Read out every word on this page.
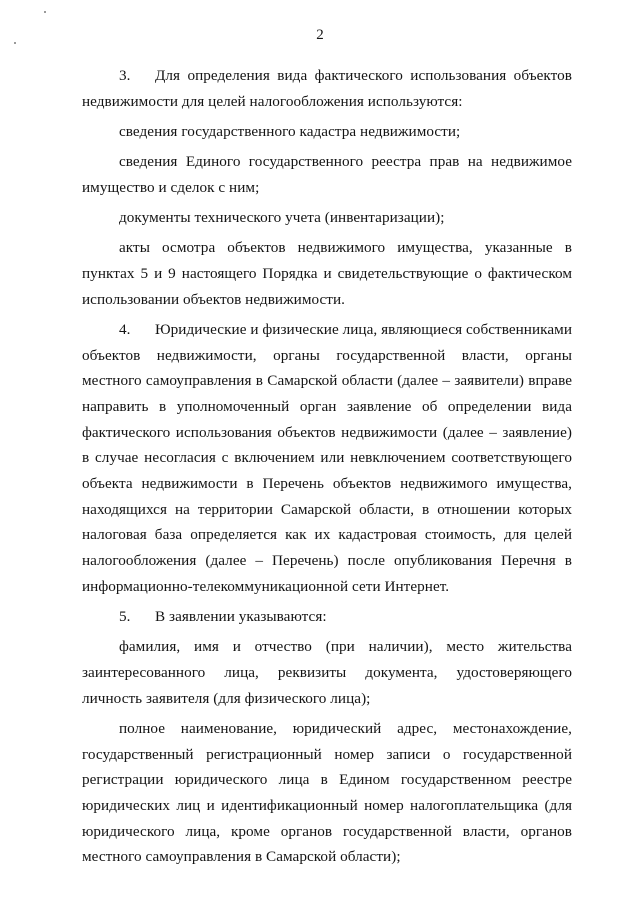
2

3. Для определения вида фактического использования объектов недвижимости для целей налогообложения используются:

сведения государственного кадастра недвижимости;

сведения Единого государственного реестра прав на недвижимое имущество и сделок с ним;

документы технического учета (инвентаризации);

акты осмотра объектов недвижимого имущества, указанные в пунктах 5 и 9 настоящего Порядка и свидетельствующие о фактическом использовании объектов недвижимости.

4. Юридические и физические лица, являющиеся собственниками объектов недвижимости, органы государственной власти, органы местного самоуправления в Самарской области (далее – заявители) вправе направить в уполномоченный орган заявление об определении вида фактического использования объектов недвижимости (далее – заявление) в случае несогласия с включением или невключением соответствующего объекта недвижимости в Перечень объектов недвижимого имущества, находящихся на территории Самарской области, в отношении которых налоговая база определяется как их кадастровая стоимость, для целей налогообложения (далее – Перечень) после опубликования Перечня в информационно-телекоммуникационной сети Интернет.

5. В заявлении указываются:

фамилия, имя и отчество (при наличии), место жительства заинтересованного лица, реквизиты документа, удостоверяющего личность заявителя (для физического лица);

полное наименование, юридический адрес, местонахождение, государственный регистрационный номер записи о государственной регистрации юридического лица в Едином государственном реестре юридических лиц и идентификационный номер налогоплательщика (для юридического лица, кроме органов государственной власти, органов местного самоуправления в Самарской области);
